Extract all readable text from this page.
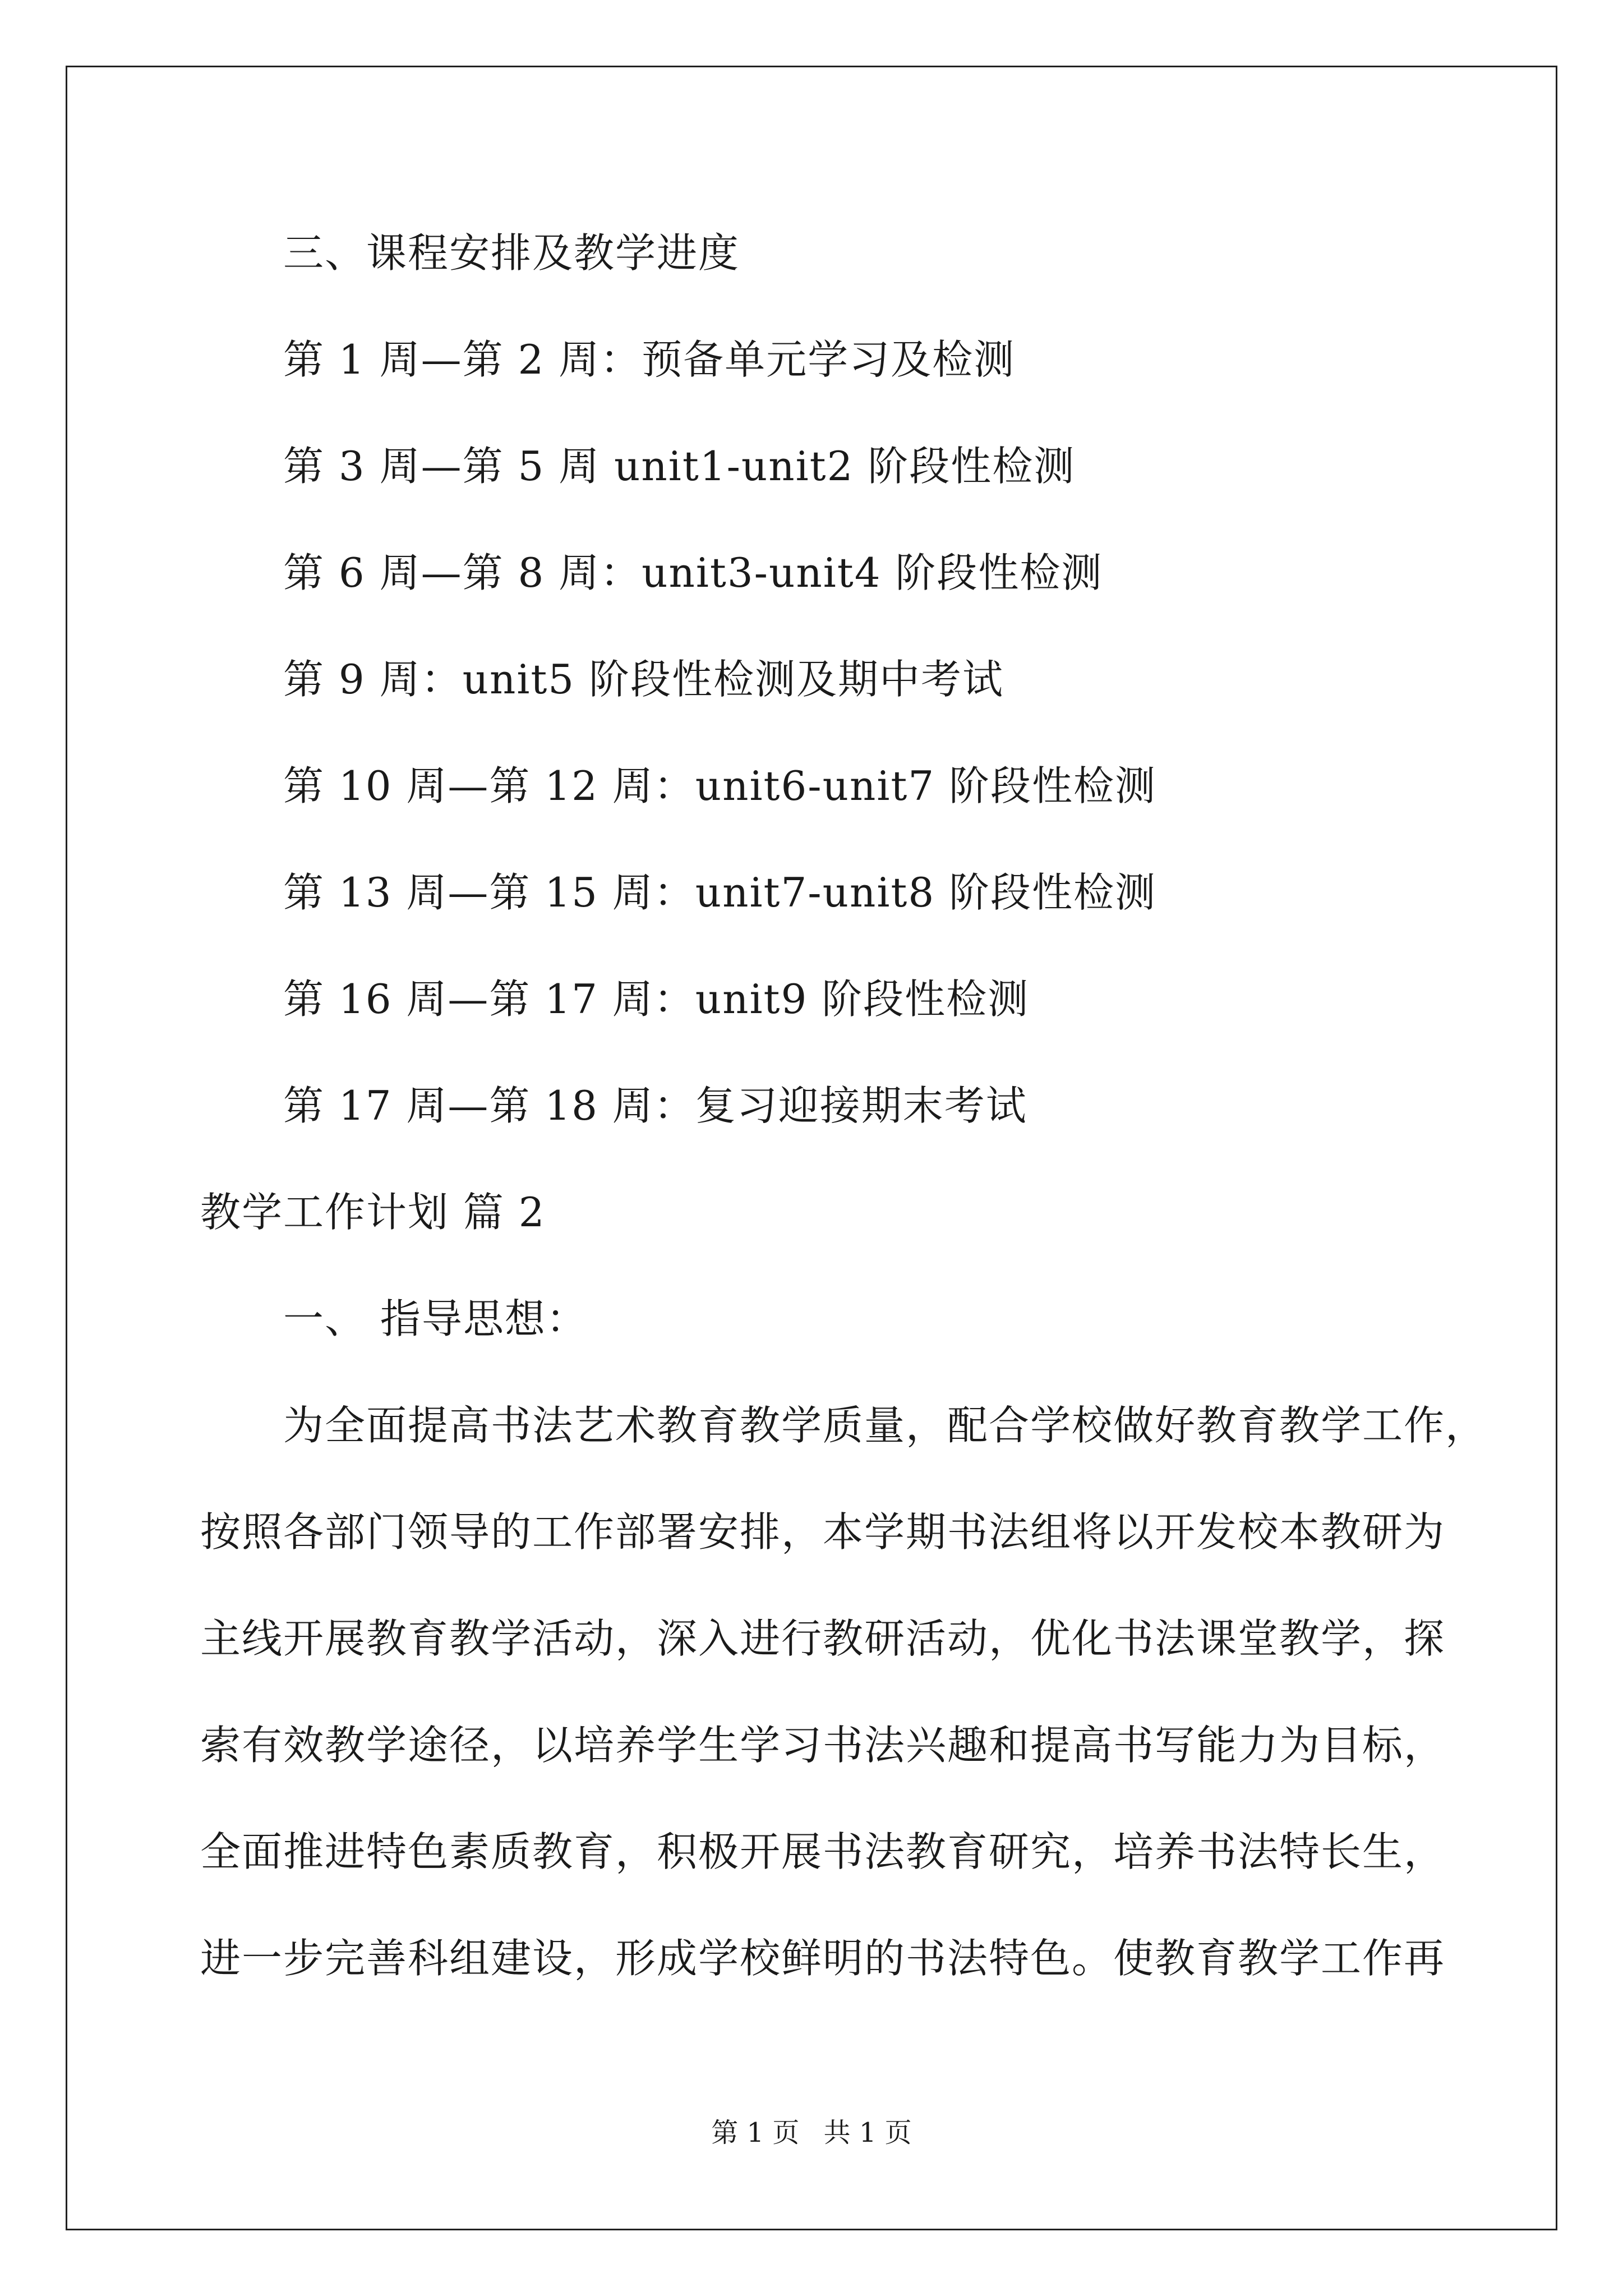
三、课程安排及教学进度
第 1 周—第 2 周：预备单元学习及检测
第 3 周—第 5 周 unit1-unit2 阶段性检测
第 6 周—第 8 周：unit3-unit4 阶段性检测
第 9 周：unit5 阶段性检测及期中考试
第 10 周—第 12 周：unit6-unit7 阶段性检测
第 13 周—第 15 周：unit7-unit8 阶段性检测
第 16 周—第 17 周：unit9 阶段性检测
第 17 周—第 18 周：复习迎接期末考试
教学工作计划 篇 2
一、 指导思想：
为全面提高书法艺术教育教学质量，配合学校做好教育教学工作，
按照各部门领导的工作部署安排，本学期书法组将以开发校本教研为
主线开展教育教学活动，深入进行教研活动，优化书法课堂教学，探
索有效教学途径，以培养学生学习书法兴趣和提高书写能力为目标，
全面推进特色素质教育，积极开展书法教育研究，培养书法特长生，
进一步完善科组建设，形成学校鲜明的书法特色。使教育教学工作再
第 1 页 共 1 页
